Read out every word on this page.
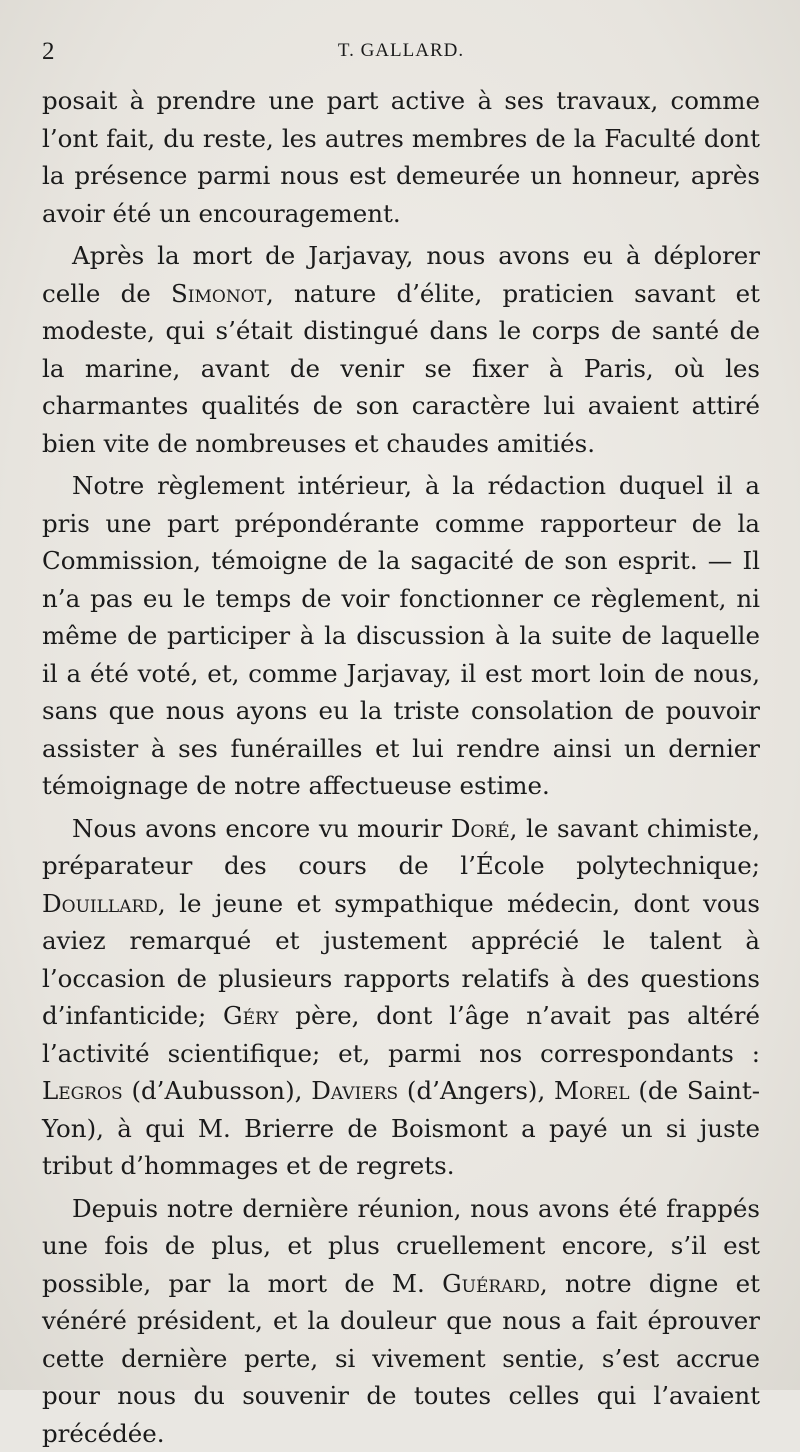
2	T. GALLARD.

posait à prendre une part active à ses travaux, comme l’ont fait, du reste, les autres membres de la Faculté dont la présence parmi nous est demeurée un honneur, après avoir été un encouragement.

Après la mort de Jarjavay, nous avons eu à déplorer celle de Simonot, nature d’élite, praticien savant et modeste, qui s’était distingué dans le corps de santé de la marine, avant de venir se fixer à Paris, où les charmantes qualités de son caractère lui avaient attiré bien vite de nombreuses et chaudes amitiés.

Notre règlement intérieur, à la rédaction duquel il a pris une part prépondérante comme rapporteur de la Commission, témoigne de la sagacité de son esprit. — Il n’a pas eu le temps de voir fonctionner ce règlement, ni même de participer à la discussion à la suite de laquelle il a été voté, et, comme Jarjavay, il est mort loin de nous, sans que nous ayons eu la triste consolation de pouvoir assister à ses funérailles et lui rendre ainsi un dernier témoignage de notre affectueuse estime.

Nous avons encore vu mourir Doré, le savant chimiste, préparateur des cours de l’École polytechnique; Douillard, le jeune et sympathique médecin, dont vous aviez remarqué et justement apprécié le talent à l’occasion de plusieurs rapports relatifs à des questions d’infanticide; Géry père, dont l’âge n’avait pas altéré l’activité scientifique; et, parmi nos correspondants : Legros (d’Aubusson), Daviers (d’Angers), Morel (de Saint-Yon), à qui M. Brierre de Boismont a payé un si juste tribut d’hommages et de regrets.

Depuis notre dernière réunion, nous avons été frappés une fois de plus, et plus cruellement encore, s’il est possible, par la mort de M. Guérard, notre digne et vénéré président, et la douleur que nous a fait éprouver cette dernière perte, si vivement sentie, s’est accrue pour nous du souvenir de toutes celles qui l’avaient précédée.
